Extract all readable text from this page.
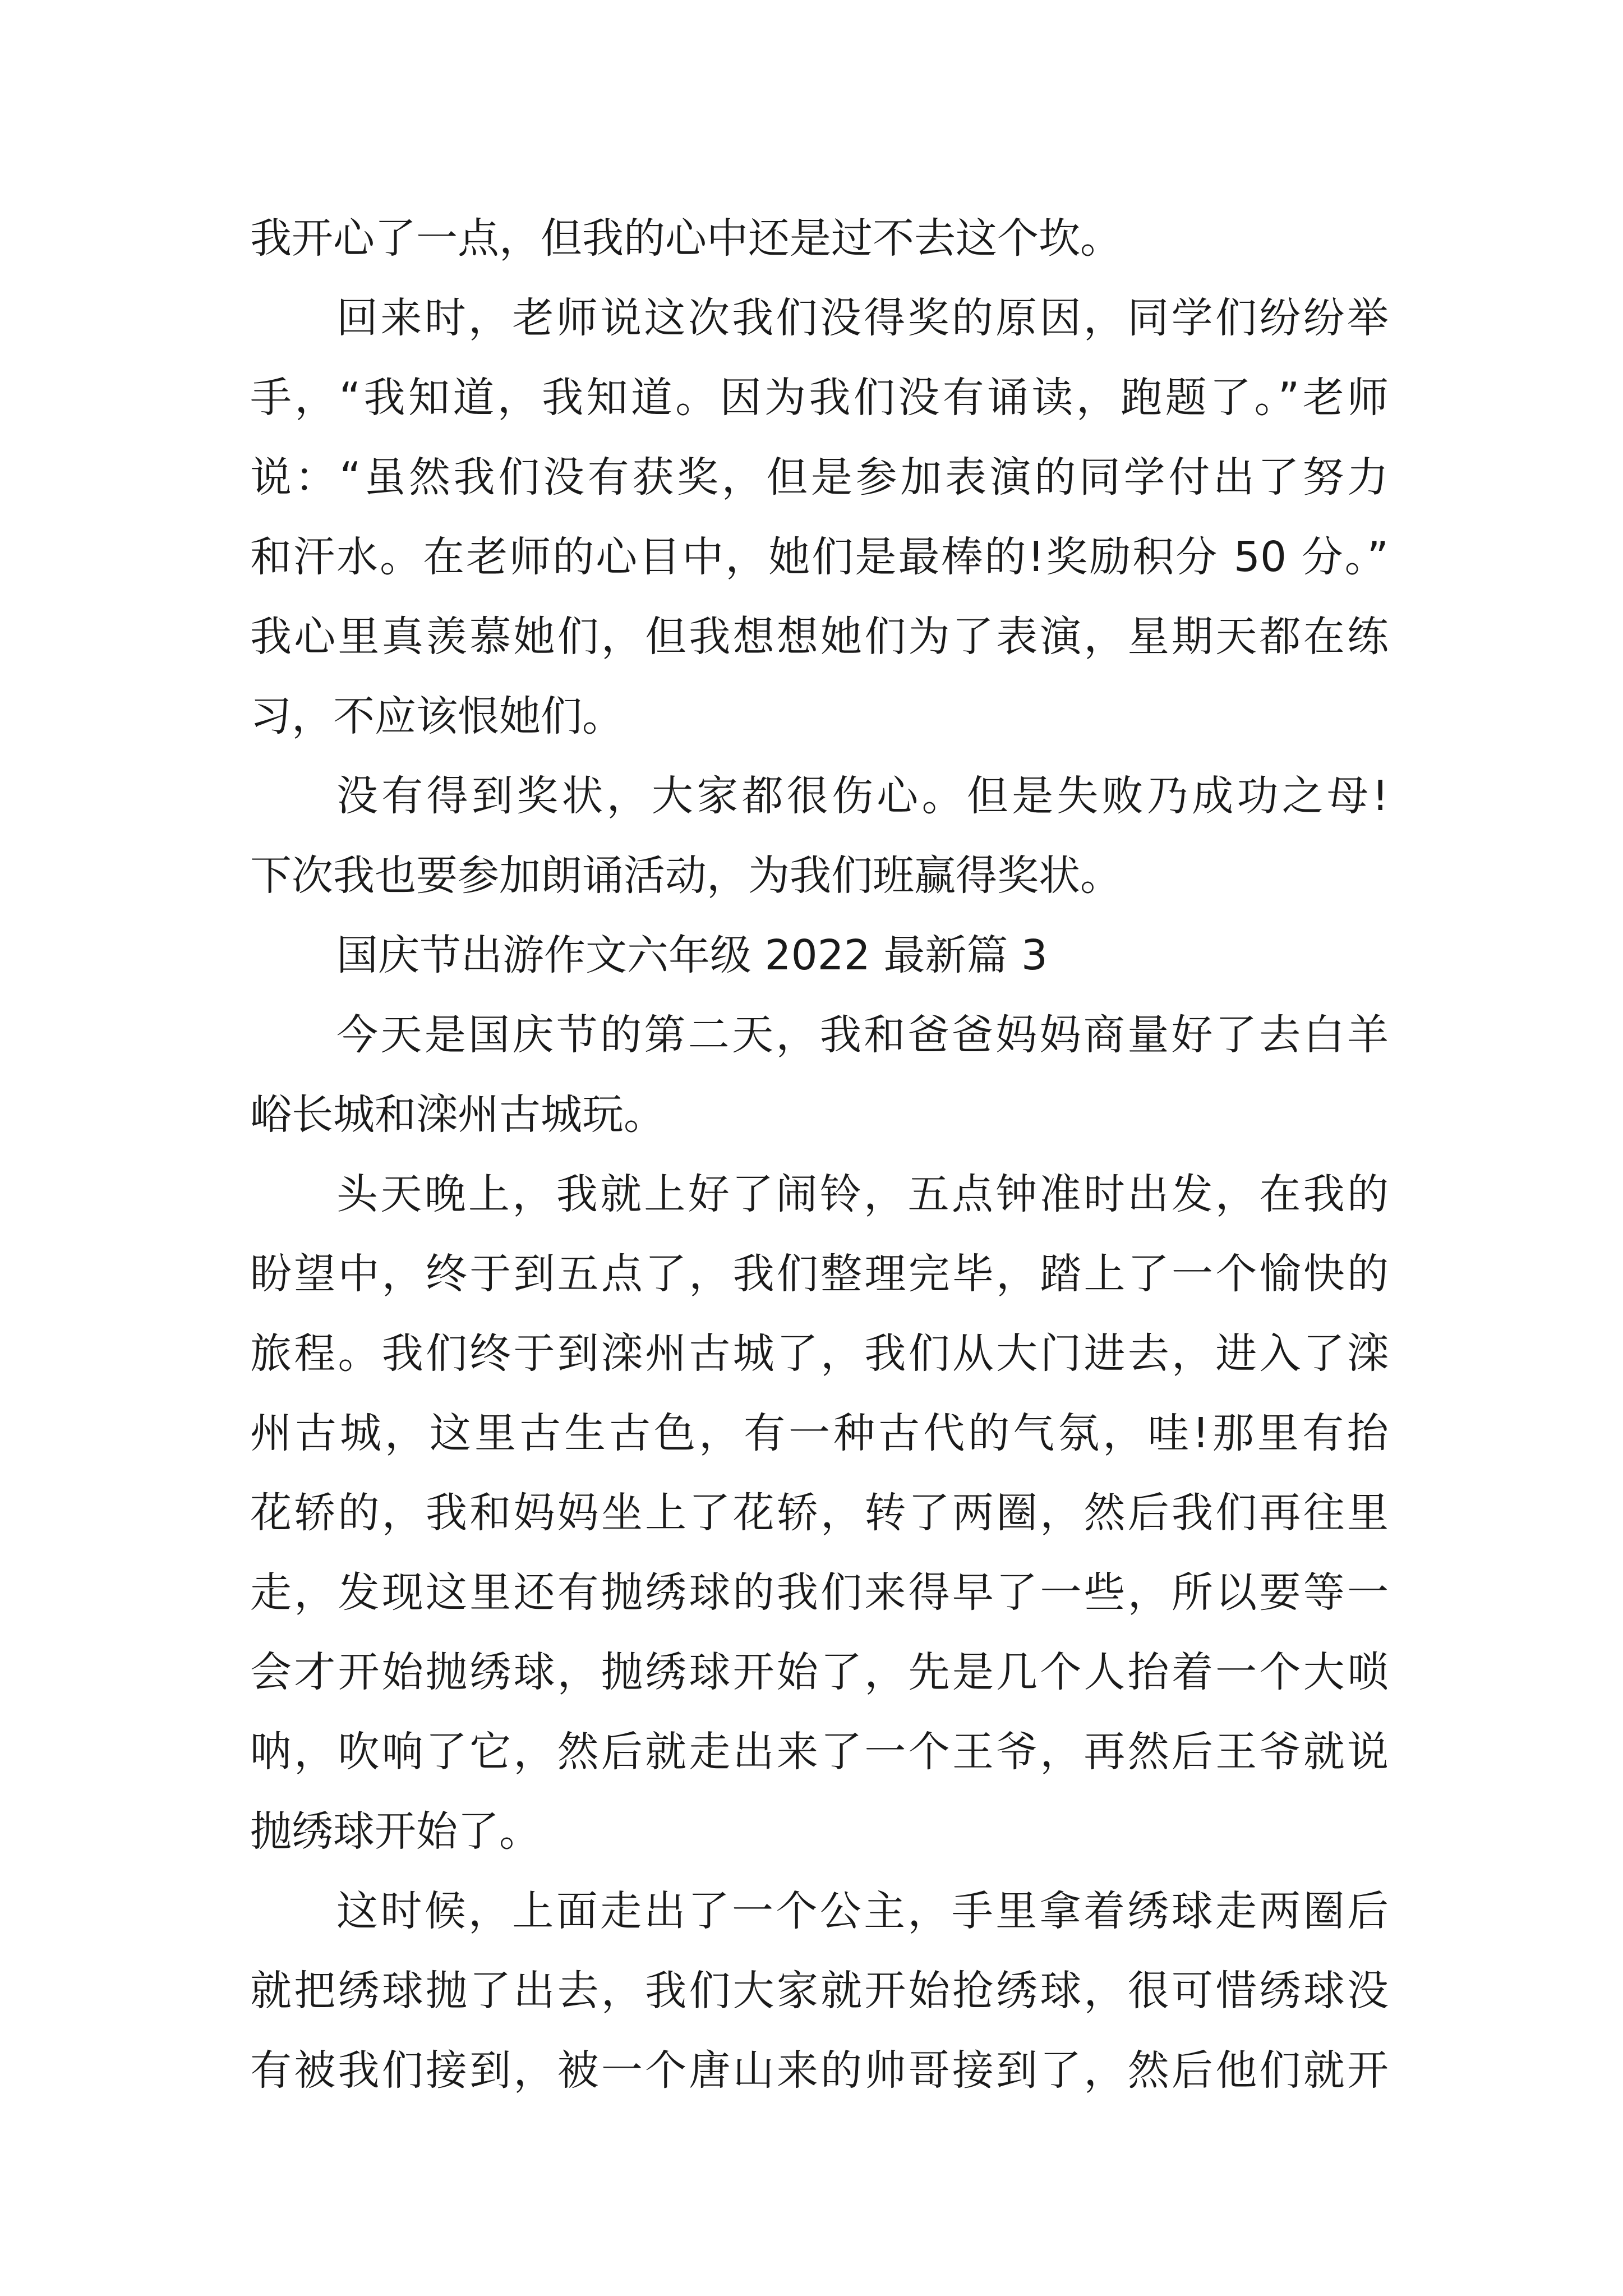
我开心了一点，但我的心中还是过不去这个坎。
回来时，老师说这次我们没得奖的原因，同学们纷纷举
手，“我知道，我知道。因为我们没有诵读，跑题了。”老师
说：“虽然我们没有获奖，但是参加表演的同学付出了努力
和汗水。在老师的心目中，她们是最棒的!奖励积分 50 分。”
我心里真羡慕她们，但我想想她们为了表演，星期天都在练
习，不应该恨她们。
没有得到奖状，大家都很伤心。但是失败乃成功之母!
下次我也要参加朗诵活动，为我们班赢得奖状。
国庆节出游作文六年级 2022 最新篇 3
今天是国庆节的第二天，我和爸爸妈妈商量好了去白羊
峪长城和滦州古城玩。
头天晚上，我就上好了闹铃，五点钟准时出发，在我的
盼望中，终于到五点了，我们整理完毕，踏上了一个愉快的
旅程。我们终于到滦州古城了，我们从大门进去，进入了滦
州古城，这里古生古色，有一种古代的气氛，哇!那里有抬
花轿的，我和妈妈坐上了花轿，转了两圈，然后我们再往里
走，发现这里还有抛绣球的我们来得早了一些，所以要等一
会才开始抛绣球，抛绣球开始了，先是几个人抬着一个大唢
呐，吹响了它，然后就走出来了一个王爷，再然后王爷就说
抛绣球开始了。
这时候，上面走出了一个公主，手里拿着绣球走两圈后
就把绣球抛了出去，我们大家就开始抢绣球，很可惜绣球没
有被我们接到，被一个唐山来的帅哥接到了，然后他们就开
